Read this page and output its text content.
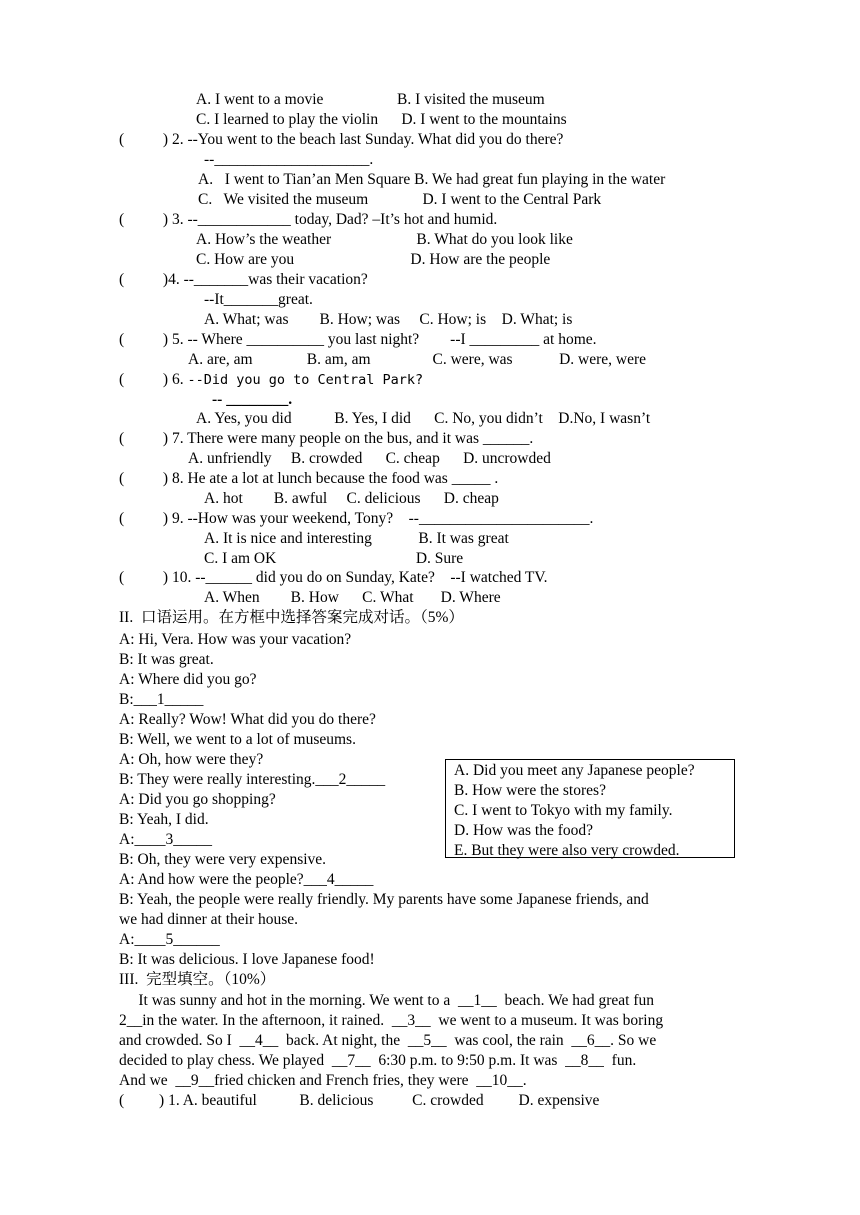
A. I went to a movie                   B. I visited the museum
C. I learned to play the violin      D. I went to the mountains
(          ) 2. --You went to the beach last Sunday. What did you do there?
--____________________.
A.   I went to Tian’an Men Square B. We had great fun playing in the water
C.   We visited the museum              D. I went to the Central Park
(          ) 3. --____________ today, Dad? –It’s hot and humid.
A. How’s the weather                      B. What do you look like
C. How are you                              D. How are the people
(          )4. --_______was their vacation?
--It_______great.
A. What; was        B. How; was     C. How; is    D. What; is
(          ) 5. -- Where __________ you last night?        --I _________ at home.
A. are, am              B. am, am                C. were, was            D. were, were
(          ) 6. --Did you go to Central Park?
-- ________.
A. Yes, you did           B. Yes, I did      C. No, you didn’t    D.No, I wasn’t
(          ) 7. There were many people on the bus, and it was ______.
A. unfriendly     B. crowded      C. cheap      D. uncrowded
(          ) 8. He ate a lot at lunch because the food was _____ .
A. hot        B. awful     C. delicious      D. cheap
(          ) 9. --How was your weekend, Tony?    --______________________.
A. It is nice and interesting            B. It was great
C. I am OK                                    D. Sure
(          ) 10. --______ did you do on Sunday, Kate?    --I watched TV.
A. When        B. How      C. What       D. Where
II.  口语运用。在方框中选择答案完成对话。（5%）
A: Hi, Vera. How was your vacation?
B: It was great.
A: Where did you go?
B:___1_____
A: Really? Wow! What did you do there?
B: Well, we went to a lot of museums.
A: Oh, how were they?
B: They were really interesting.___2_____
A: Did you go shopping?
B: Yeah, I did.
A:____3_____
B: Oh, they were very expensive.
A: And how were the people?___4_____
B: Yeah, the people were really friendly. My parents have some Japanese friends, and
we had dinner at their house.
A:____5______
B: It was delicious. I love Japanese food!
A. Did you meet any Japanese people?
B. How were the stores?
C. I went to Tokyo with my family.
D. How was the food?
E. But they were also very crowded.
III.  完型填空。（10%）
It was sunny and hot in the morning. We went to a  __1__  beach. We had great fun
2__in the water. In the afternoon, it rained.  __3__  we went to a museum. It was boring
and crowded. So I  __4__  back. At night, the  __5__  was cool, the rain  __6__. So we
decided to play chess. We played  __7__  6:30 p.m. to 9:50 p.m. It was  __8__  fun.
And we  __9__fried chicken and French fries, they were  __10__.
(         ) 1. A. beautiful           B. delicious          C. crowded         D. expensive
